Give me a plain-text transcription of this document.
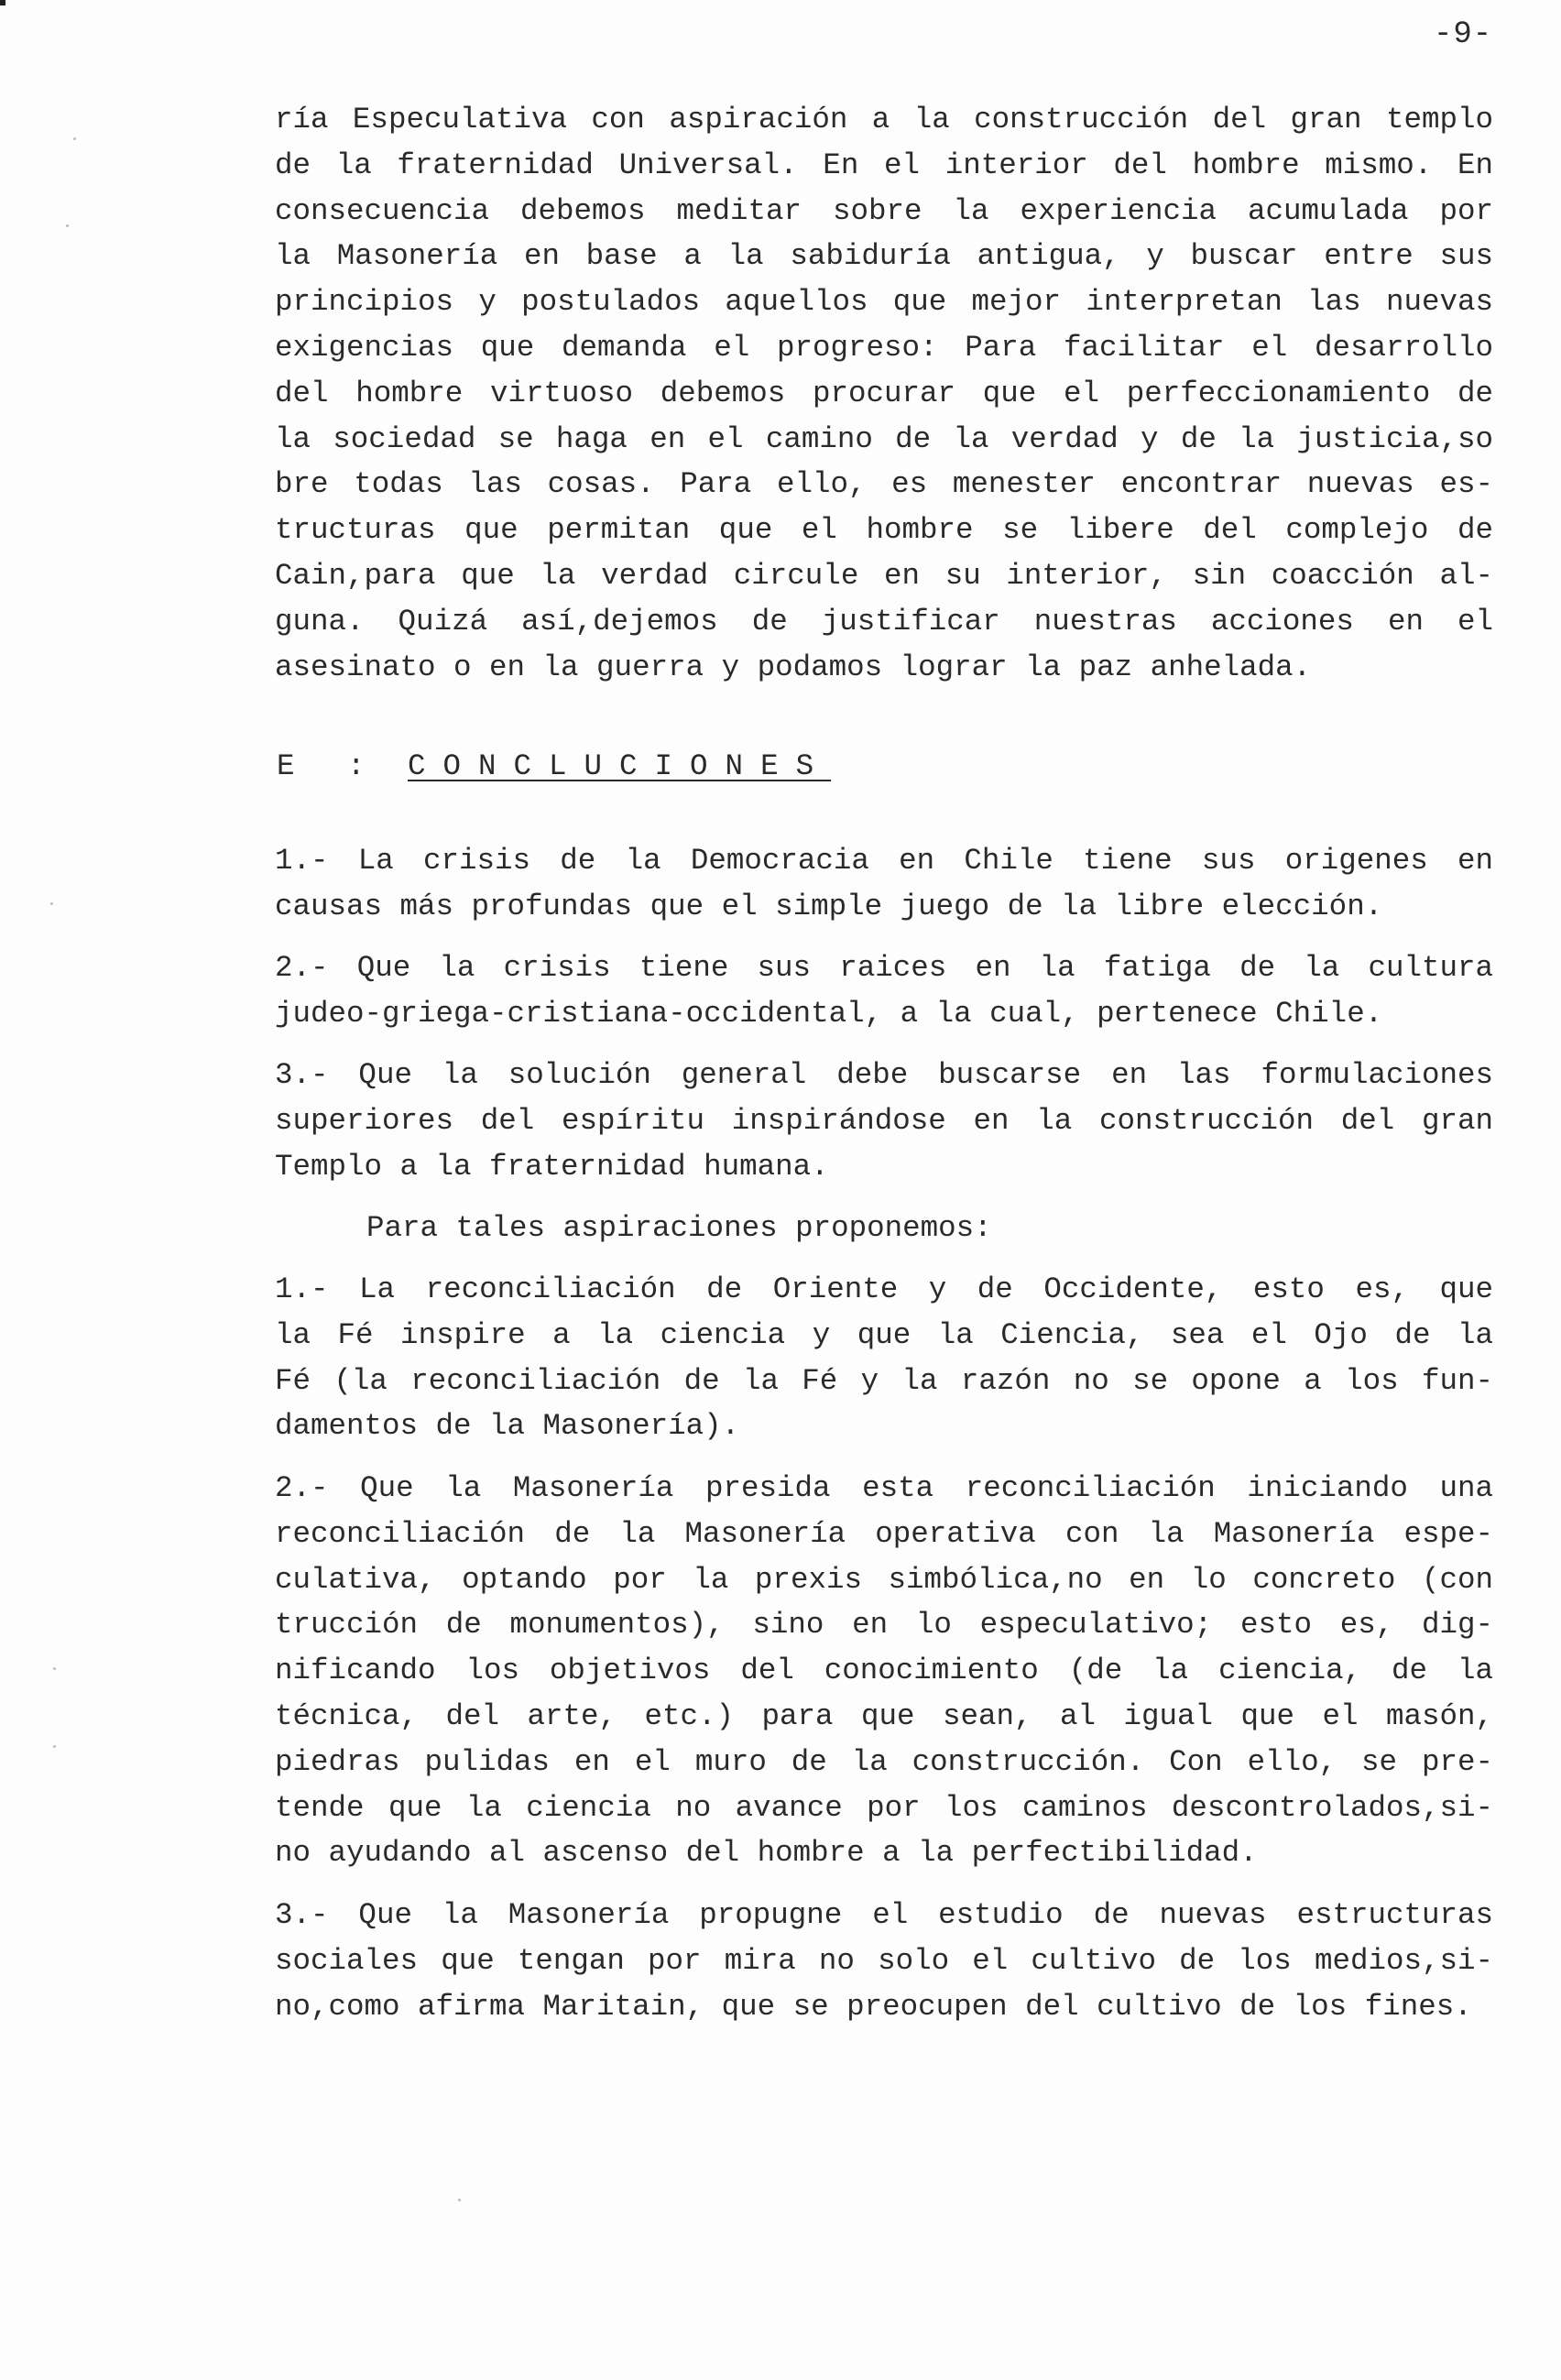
-9-
ría Especulativa con aspiración a la construcción del gran templo
de la fraternidad Universal. En el interior del hombre mismo. En
consecuencia debemos meditar sobre la experiencia acumulada por
la Masonería en base a la sabiduría antigua, y buscar entre sus
principios y postulados aquellos que mejor interpretan las nuevas
exigencias que demanda el progreso: Para facilitar el desarrollo
del hombre virtuoso debemos procurar que el perfeccionamiento de
la sociedad se haga en el camino de la verdad y de la justicia,so
bre todas las cosas. Para ello, es menester encontrar nuevas es-
tructuras que permitan que el hombre se libere del complejo de
Cain,para que la verdad circule en su interior, sin coacción al-
guna. Quizá así,dejemos de justificar nuestras acciones en el
asesinato o en la guerra y podamos lograr la paz anhelada.
E : CONCLUCIONES
1.- La crisis de la Democracia en Chile tiene sus origenes en
causas más profundas que el simple juego de la libre elección.
2.- Que la crisis tiene sus raices en la fatiga de la cultura
judeo-griega-cristiana-occidental, a la cual, pertenece Chile.
3.- Que la solución general debe buscarse en las formulaciones
superiores del espíritu inspirándose en la construcción del gran
Templo a la fraternidad humana.
Para tales aspiraciones proponemos:
1.- La reconciliación de Oriente y de Occidente, esto es, que
la Fé inspire a la ciencia y que la Ciencia, sea el Ojo de la
Fé (la reconciliación de la Fé y la razón no se opone a los fun-
damentos de la Masonería).
2.- Que la Masonería presida esta reconciliación iniciando una
reconciliación de la Masonería operativa con la Masonería espe-
culativa, optando por la prexis simbólica,no en lo concreto (con
trucción de monumentos), sino en lo especulativo; esto es, dig-
nificando los objetivos del conocimiento (de la ciencia, de la
técnica, del arte, etc.) para que sean, al igual que el masón,
piedras pulidas en el muro de la construcción. Con ello, se pre-
tende que la ciencia no avance por los caminos descontrolados,si-
no ayudando al ascenso del hombre a la perfectibilidad.
3.- Que la Masonería propugne el estudio de nuevas estructuras
sociales que tengan por mira no solo el cultivo de los medios,si-
no,como afirma Maritain, que se preocupen del cultivo de los fines.
